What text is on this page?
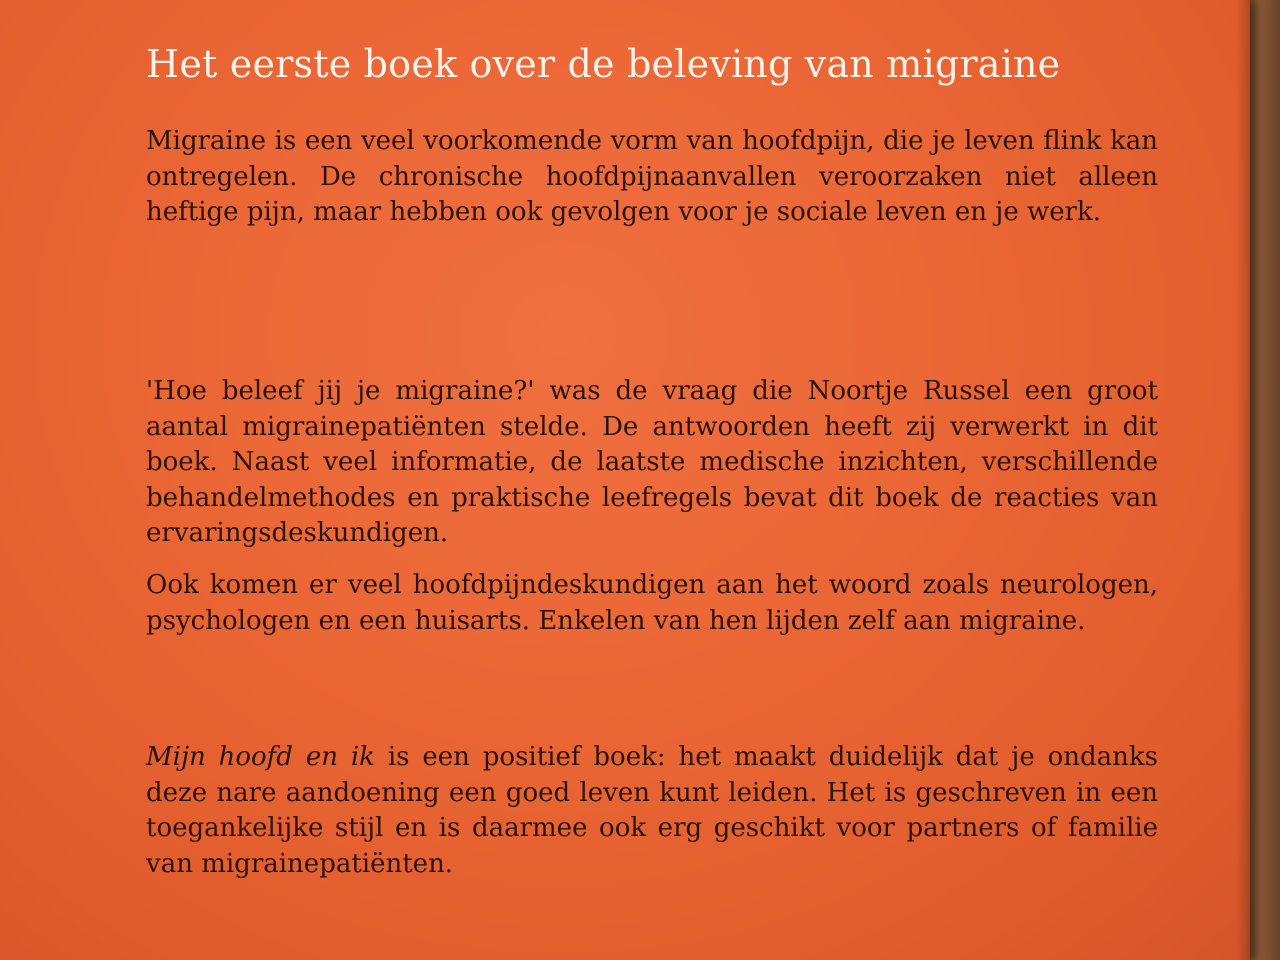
Het eerste boek over de beleving van migraine

Migraine is een veel voorkomende vorm van hoofdpijn, die je leven flink kan ontregelen. De chronische hoofdpijnaanvallen veroorzaken niet alleen heftige pijn, maar hebben ook gevolgen voor je sociale leven en je werk.

'Hoe beleef jij je migraine?' was de vraag die Noortje Russel een groot aantal migrainepatiënten stelde. De antwoorden heeft zij verwerkt in dit boek. Naast veel informatie, de laatste medische inzichten, verschillende behandelmethodes en praktische leefregels bevat dit boek de reacties van ervaringsdeskundigen.

Ook komen er veel hoofdpijndeskundigen aan het woord zoals neurologen, psychologen en een huisarts. Enkelen van hen lijden zelf aan migraine.

Mijn hoofd en ik is een positief boek: het maakt duidelijk dat je ondanks deze nare aandoening een goed leven kunt leiden. Het is geschreven in een toegankelijke stijl en is daarmee ook erg geschikt voor partners of familie van migrainepatiënten.
